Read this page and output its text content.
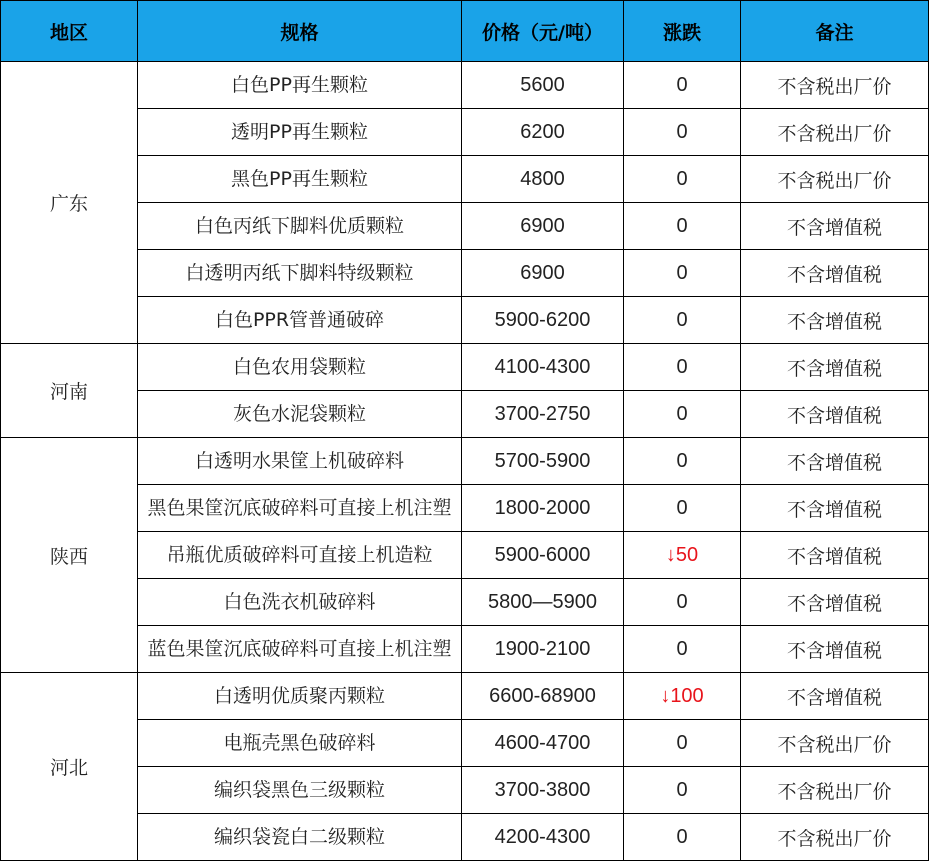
地区	规格	价格（元/吨）	涨跌	备注
广东	白色PP再生颗粒	5600	0	不含税出厂价
	透明PP再生颗粒	6200	0	不含税出厂价
	黑色PP再生颗粒	4800	0	不含税出厂价
	白色丙纸下脚料优质颗粒	6900	0	不含增值税
	白透明丙纸下脚料特级颗粒	6900	0	不含增值税
	白色PPR管普通破碎	5900-6200	0	不含增值税
河南	白色农用袋颗粒	4100-4300	0	不含增值税
	灰色水泥袋颗粒	3700-2750	0	不含增值税
陕西	白透明水果筐上机破碎料	5700-5900	0	不含增值税
	黑色果筐沉底破碎料可直接上机注塑	1800-2000	0	不含增值税
	吊瓶优质破碎料可直接上机造粒	5900-6000	↓50	不含增值税
	白色洗衣机破碎料	5800—5900	0	不含增值税
	蓝色果筐沉底破碎料可直接上机注塑	1900-2100	0	不含增值税
河北	白透明优质聚丙颗粒	6600-68900	↓100	不含增值税
	电瓶壳黑色破碎料	4600-4700	0	不含税出厂价
	编织袋黑色三级颗粒	3700-3800	0	不含税出厂价
	编织袋瓷白二级颗粒	4200-4300	0	不含税出厂价
